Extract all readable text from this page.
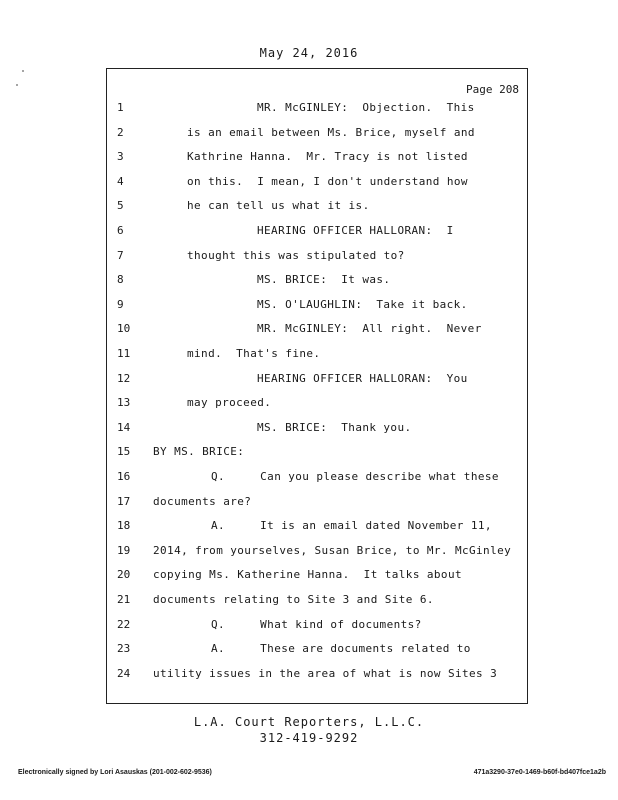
May 24, 2016
Page 208
1	MR. McGINLEY:  Objection.  This
2	is an email between Ms. Brice, myself and
3	Kathrine Hanna.  Mr. Tracy is not listed
4	on this.  I mean, I don't understand how
5	he can tell us what it is.
6	HEARING OFFICER HALLORAN:  I
7	thought this was stipulated to?
8	MS. BRICE:  It was.
9	MS. O'LAUGHLIN:  Take it back.
10	MR. McGINLEY:  All right.  Never
11	mind.  That's fine.
12	HEARING OFFICER HALLORAN:  You
13	may proceed.
14	MS. BRICE:  Thank you.
15	BY MS. BRICE:
16	Q.     Can you please describe what these
17	documents are?
18	A.     It is an email dated November 11,
19	2014, from yourselves, Susan Brice, to Mr. McGinley
20	copying Ms. Katherine Hanna.  It talks about
21	documents relating to Site 3 and Site 6.
22	Q.     What kind of documents?
23	A.     These are documents related to
24	utility issues in the area of what is now Sites 3
L.A. Court Reporters, L.L.C.
312-419-9292
Electronically signed by Lori Asauskas (201-002-602-9536)	471a3290-37e0-1469-b60f-bd407fce1a2b
